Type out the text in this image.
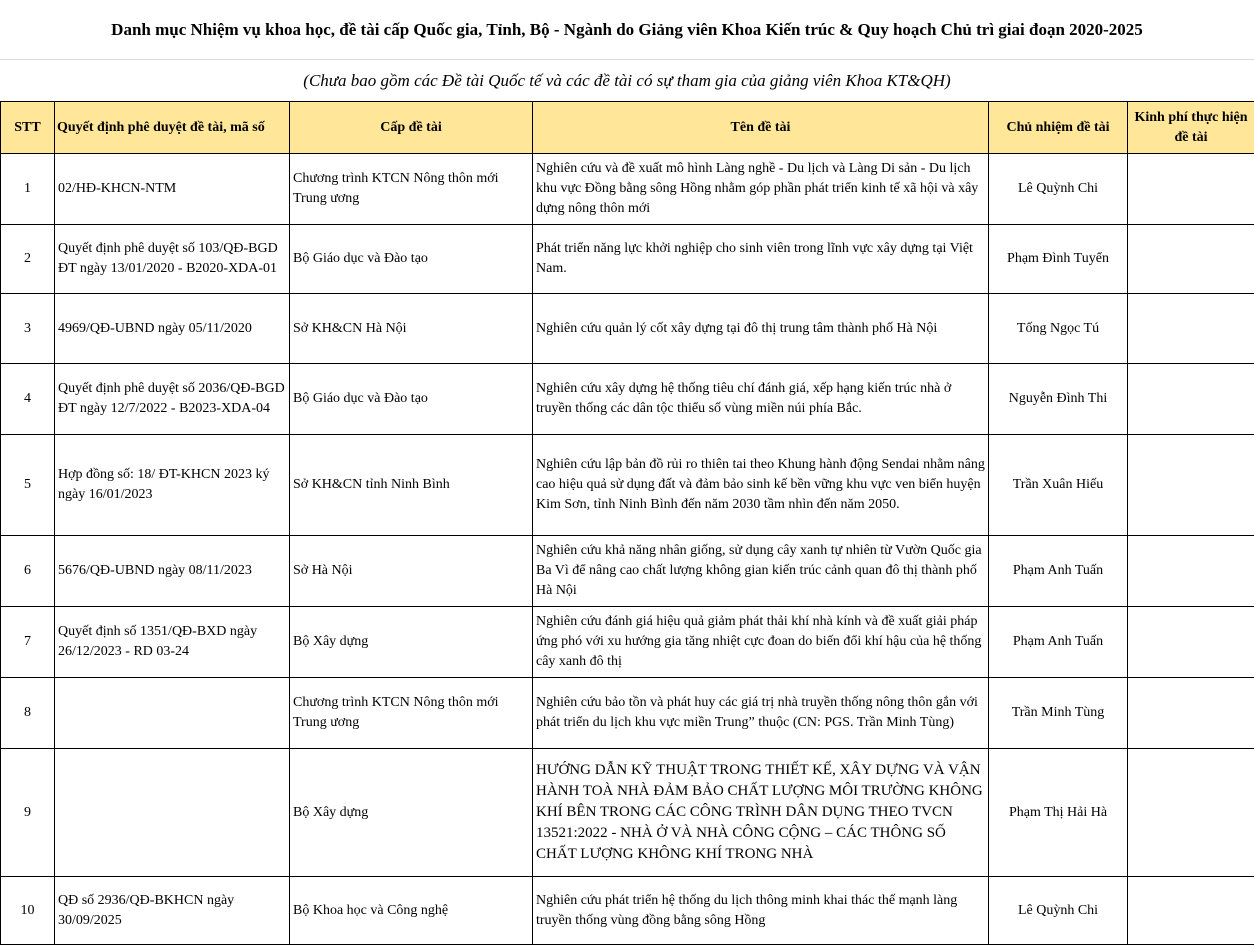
Danh mục Nhiệm vụ khoa học, đề tài cấp Quốc gia, Tỉnh, Bộ - Ngành do Giảng viên Khoa Kiến trúc & Quy hoạch Chủ trì giai đoạn 2020-2025
(Chưa bao gồm các Đề tài Quốc tế và các đề tài có sự tham gia của giảng viên Khoa KT&QH)
STT	Quyết định phê duyệt đề tài, mã số	Cấp đề tài	Tên đề tài	Chủ nhiệm đề tài	Kinh phí thực hiện đề tài
1	02/HĐ-KHCN-NTM	Chương trình KTCN Nông thôn mới Trung ương	Nghiên cứu và đề xuất mô hình Làng nghề - Du lịch và Làng Di sản - Du lịch khu vực Đồng bằng sông Hồng nhằm góp phần phát triển kinh tế xã hội và xây dựng nông thôn mới	Lê Quỳnh Chi	
2	Quyết định phê duyệt số 103/QĐ-BGD ĐT ngày 13/01/2020 - B2020-XDA-01	Bộ Giáo dục và Đào tạo	Phát triển năng lực khởi nghiệp cho sinh viên trong lĩnh vực xây dựng tại Việt Nam.	Phạm Đình Tuyển	
3	4969/QĐ-UBND ngày 05/11/2020	Sở KH&CN Hà Nội	Nghiên cứu quản lý cốt xây dựng tại đô thị trung tâm thành phố Hà Nội	Tống Ngọc Tú	
4	Quyết định phê duyệt số 2036/QĐ-BGD ĐT ngày 12/7/2022 - B2023-XDA-04	Bộ Giáo dục và Đào tạo	Nghiên cứu xây dựng hệ thống tiêu chí đánh giá, xếp hạng kiến trúc nhà ở truyền thống các dân tộc thiểu số vùng miền núi phía Bắc.	Nguyễn Đình Thi	
5	Hợp đồng số: 18/ ĐT-KHCN 2023 ký ngày 16/01/2023	Sở KH&CN tỉnh Ninh Bình	Nghiên cứu lập bản đồ rủi ro thiên tai theo Khung hành động Sendai nhằm nâng cao hiệu quả sử dụng đất và đảm bảo sinh kế bền vững khu vực ven biển huyện Kim Sơn, tỉnh Ninh Bình đến năm 2030 tầm nhìn đến năm 2050.	Trần Xuân Hiếu	
6	5676/QĐ-UBND ngày 08/11/2023	Sở Hà Nội	Nghiên cứu khả năng nhân giống, sử dụng cây xanh tự nhiên từ Vườn Quốc gia Ba Vì để nâng cao chất lượng không gian kiến trúc cảnh quan đô thị thành phố Hà Nội	Phạm Anh Tuấn	
7	Quyết định số 1351/QĐ-BXD ngày 26/12/2023 - RD 03-24	Bộ Xây dựng	Nghiên cứu đánh giá hiệu quả giảm phát thải khí nhà kính và đề xuất giải pháp ứng phó với xu hướng gia tăng nhiệt cực đoan do biến đổi khí hậu của hệ thống cây xanh đô thị	Phạm Anh Tuấn	
8		Chương trình KTCN Nông thôn mới Trung ương	Nghiên cứu bảo tồn và phát huy các giá trị nhà truyền thống nông thôn gắn với phát triển du lịch khu vực miền Trung” thuộc (CN: PGS. Trần Minh Tùng)	Trần Minh Tùng	
9		Bộ Xây dựng	HƯỚNG DẪN KỸ THUẬT TRONG THIẾT KẾ, XÂY DỰNG VÀ VẬN HÀNH TOÀ NHÀ ĐẢM BẢO CHẤT LƯỢNG MÔI TRƯỜNG KHÔNG KHÍ BÊN TRONG CÁC CÔNG TRÌNH DÂN DỤNG THEO TVCN 13521:2022 - NHÀ Ở VÀ NHÀ CÔNG CỘNG – CÁC THÔNG SỐ CHẤT LƯỢNG KHÔNG KHÍ TRONG NHÀ	Phạm Thị Hải Hà	
10	QĐ số 2936/QĐ-BKHCN ngày 30/09/2025	Bộ Khoa học và Công nghệ	Nghiên cứu phát triển hệ thống du lịch thông minh khai thác thế mạnh làng truyền thống vùng đồng bằng sông Hồng	Lê Quỳnh Chi	
